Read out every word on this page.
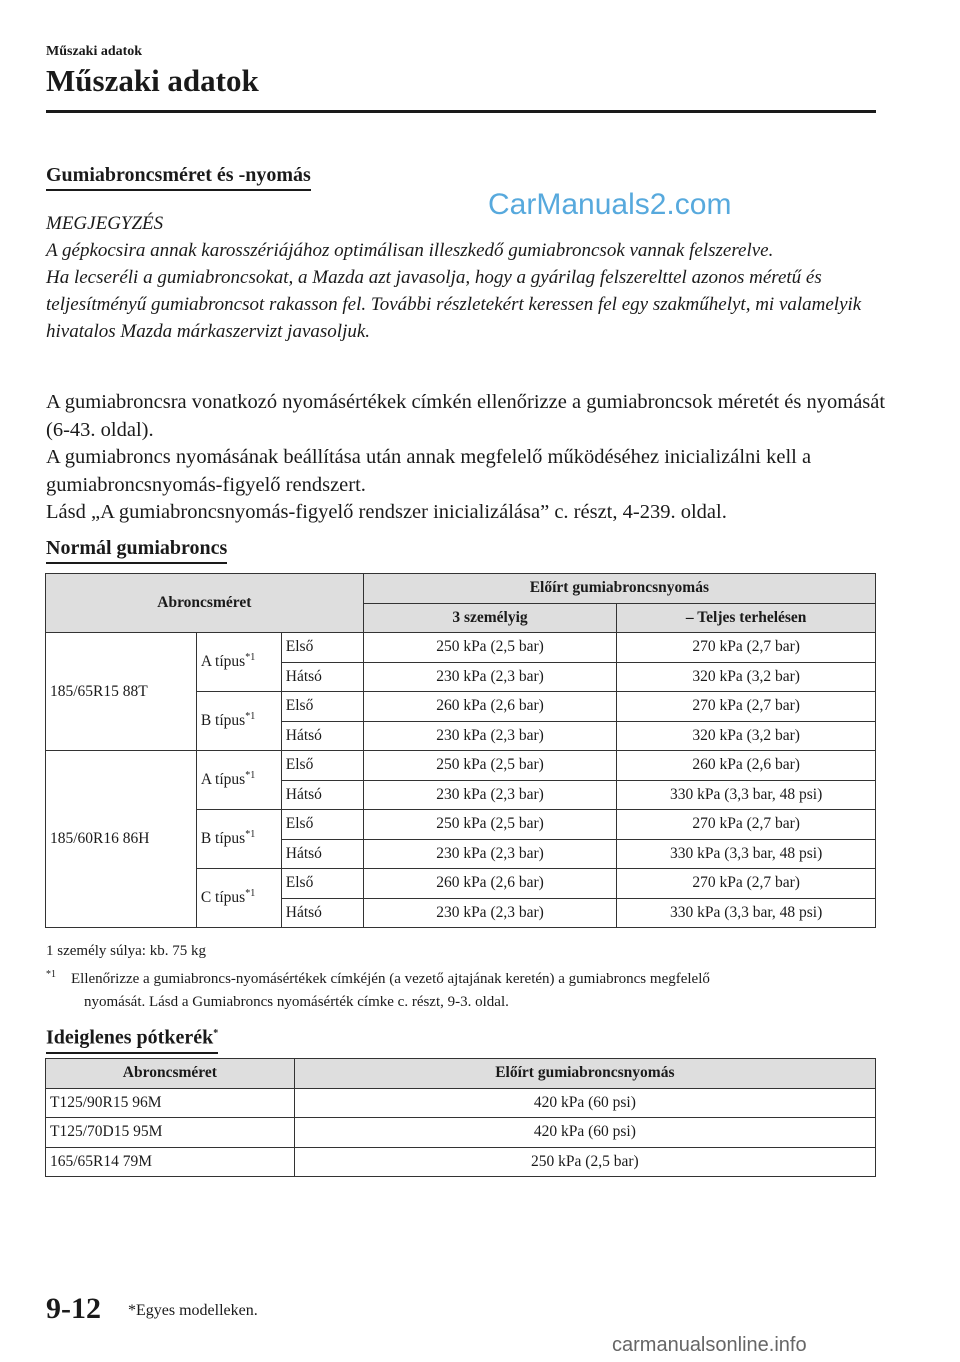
Műszaki adatok
Műszaki adatok
Gumiabroncsméret és -nyomás
CarManuals2.com

MEGJEGYZÉS

A gépkocsira annak karosszériájához optimálisan illeszkedő gumiabroncsok vannak felszerelve.

Ha lecseréli a gumiabroncsokat, a Mazda azt javasolja, hogy a gyárilag felszerelttel azonos méretű és teljesítményű gumiabroncsot rakasson fel. További részletekért keressen fel egy szakműhelyt, mi valamelyik hivatalos Mazda márkaszervizt javasoljuk.

A gumiabroncsra vonatkozó nyomásértékek címkén ellenőrizze a gumiabroncsok méretét és nyomását (6-43. oldal).

A gumiabroncs nyomásának beállítása után annak megfelelő működéséhez inicializálni kell a gumiabroncsnyomás-figyelő rendszert.

Lásd „A gumiabroncsnyomás-figyelő rendszer inicializálása” c. részt, 4-239. oldal.

Normál gumiabroncs
Abroncsméret			Előírt gumiabroncsnyomás	
			3 személyig	– Teljes terhelésen
185/65R15 88T	A típus$^{*1}$	Első	250 kPa (2,5 bar)	270 kPa (2,7 bar)
		Hátsó	230 kPa (2,3 bar)	320 kPa (3,2 bar)
	B típus$^{*1}$	Első	260 kPa (2,6 bar)	270 kPa (2,7 bar)
		Hátsó	230 kPa (2,3 bar)	320 kPa (3,2 bar)
185/60R16 86H	A típus$^{*1}$	Első	250 kPa (2,5 bar)	260 kPa (2,6 bar)
		Hátsó	230 kPa (2,3 bar)	330 kPa (3,3 bar, 48 psi)
	B típus$^{*1}$	Első	250 kPa (2,5 bar)	270 kPa (2,7 bar)
		Hátsó	230 kPa (2,3 bar)	330 kPa (3,3 bar, 48 psi)
	C típus$^{*1}$	Első	260 kPa (2,6 bar)	270 kPa (2,7 bar)
		Hátsó	230 kPa (2,3 bar)	330 kPa (3,3 bar, 48 psi)

1 személy súlya: kb. 75 kg

$^{*1}$ Ellenőrizze a gumiabroncs-nyomásértékek címkéjén (a vezető ajtajának keretén) a gumiabroncs megfelelő

nyomását. Lásd a Gumiabroncs nyomásérték címke c. részt, 9-3. oldal.

Ideiglenes pótkerék*
Abroncsméret	Előírt gumiabroncsnyomás
T125/90R15 96M	420 kPa (60 psi)
T125/70D15 95M	420 kPa (60 psi)
165/65R14 79M	250 kPa (2,5 bar)
9-12 *Egyes modelleken.
carmanualsonline.info
